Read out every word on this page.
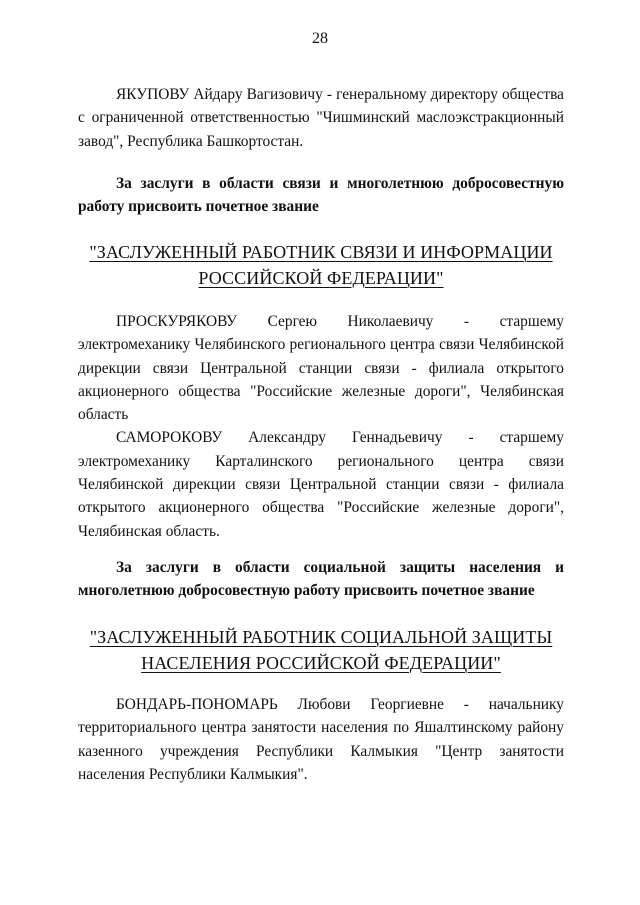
28

ЯКУПОВУ Айдару Вагизовичу - генеральному директору общества с ограниченной ответственностью "Чишминский маслоэкстракционный завод", Республика Башкортостан.

За заслуги в области связи и многолетнюю добросовестную работу присвоить почетное звание

"ЗАСЛУЖЕННЫЙ РАБОТНИК СВЯЗИ И ИНФОРМАЦИИ
РОССИЙСКОЙ ФЕДЕРАЦИИ"

ПРОСКУРЯКОВУ Сергею Николаевичу - старшему электромеханику Челябинского регионального центра связи Челябинской дирекции связи Центральной станции связи - филиала открытого акционерного общества "Российские железные дороги", Челябинская область

САМОРОКОВУ Александру Геннадьевичу - старшему электромеханику Карталинского регионального центра связи Челябинской дирекции связи Центральной станции связи - филиала открытого акционерного общества "Российские железные дороги", Челябинская область.

За заслуги в области социальной защиты населения и многолетнюю добросовестную работу присвоить почетное звание

"ЗАСЛУЖЕННЫЙ РАБОТНИК СОЦИАЛЬНОЙ ЗАЩИТЫ
НАСЕЛЕНИЯ РОССИЙСКОЙ ФЕДЕРАЦИИ"

БОНДАРЬ-ПОНОМАРЬ Любови Георгиевне - начальнику территориального центра занятости населения по Яшалтинскому району казенного учреждения Республики Калмыкия "Центр занятости населения Республики Калмыкия".
